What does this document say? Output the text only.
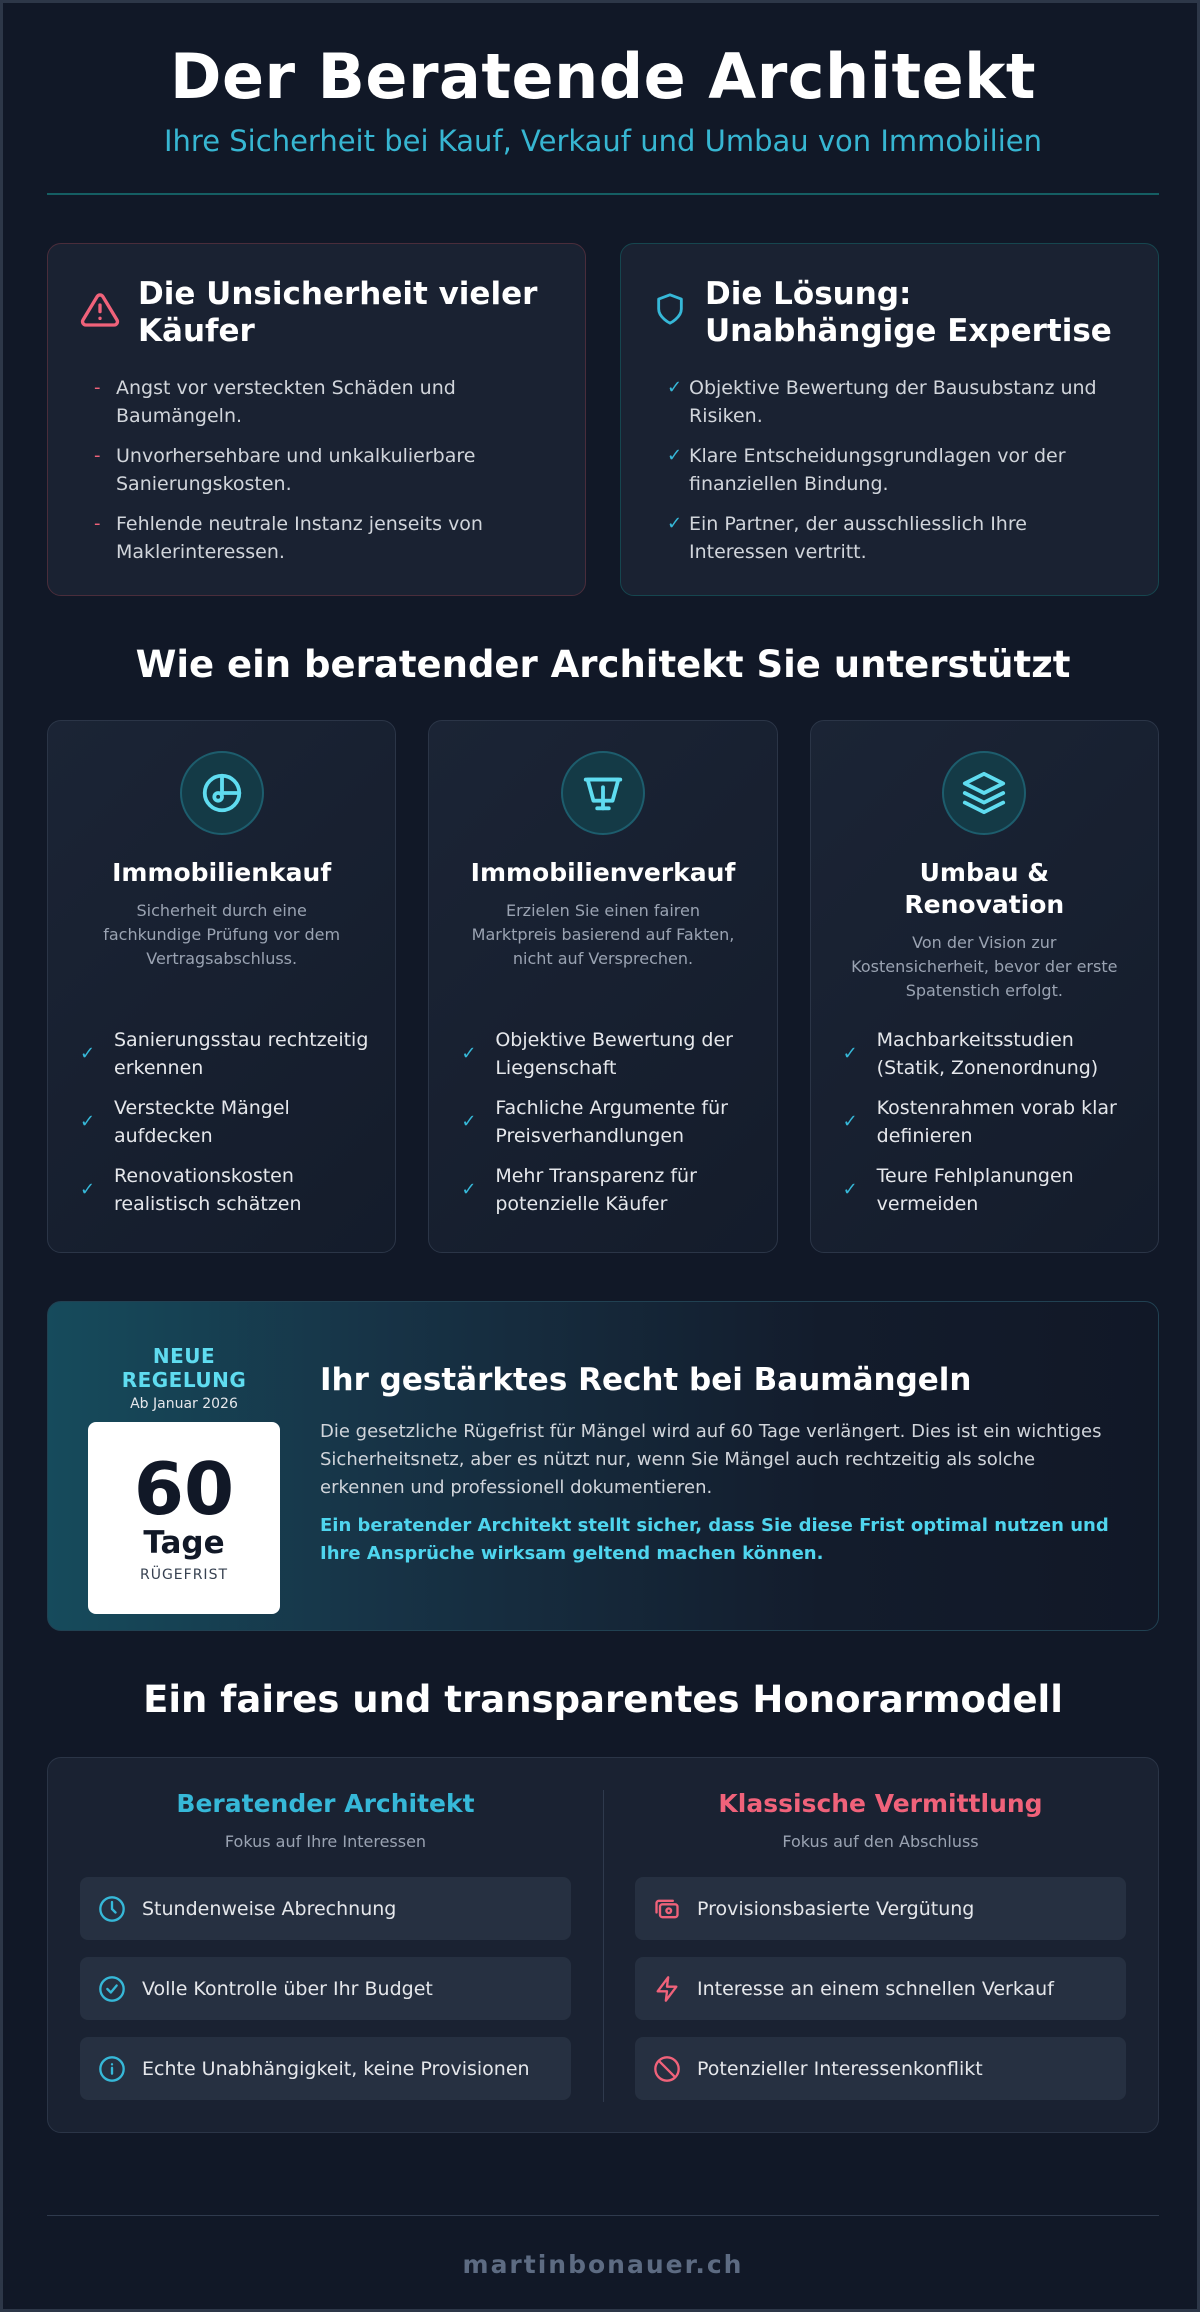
Der Beratende Architekt
Ihre Sicherheit bei Kauf, Verkauf und Umbau von Immobilien
Die Unsicherheit vieler Käufer
- Angst vor versteckten Schäden und Baumängeln.
- Unvorhersehbare und unkalkulierbare Sanierungskosten.
- Fehlende neutrale Instanz jenseits von Maklerinteressen.
Die Lösung: Unabhängige Expertise
✓ Objektive Bewertung der Bausubstanz und Risiken.
✓ Klare Entscheidungsgrundlagen vor der finanziellen Bindung.
✓ Ein Partner, der ausschliesslich Ihre Interessen vertritt.
Wie ein beratender Architekt Sie unterstützt
Immobilienkauf
Sicherheit durch eine fachkundige Prüfung vor dem Vertragsabschluss.
✓
Sanierungsstau rechtzeitig erkennen
✓
Versteckte Mängel aufdecken
✓
Renovationskosten realistisch schätzen
Immobilienverkauf
Erzielen Sie einen fairen Marktpreis basierend auf Fakten, nicht auf Versprechen.
✓
Objektive Bewertung der Liegenschaft
✓
Fachliche Argumente für Preisverhandlungen
✓
Mehr Transparenz für potenzielle Käufer
Umbau & Renovation
Von der Vision zur Kostensicherheit, bevor der erste Spatenstich erfolgt.
✓
Machbarkeitsstudien (Statik, Zonenordnung)
✓
Kostenrahmen vorab klar definieren
✓
Teure Fehlplanungen vermeiden
NEUE REGELUNG
Ab Januar 2026
60
Tage
RÜGEFRIST
Ihr gestärktes Recht bei Baumängeln
Die gesetzliche Rügefrist für Mängel wird auf 60 Tage verlängert. Dies ist ein wichtiges Sicherheitsnetz, aber es nützt nur, wenn Sie Mängel auch rechtzeitig als solche erkennen und professionell dokumentieren.
Ein beratender Architekt stellt sicher, dass Sie diese Frist optimal nutzen und Ihre Ansprüche wirksam geltend machen können.
Ein faires und transparentes Honorarmodell
Beratender Architekt
Fokus auf Ihre Interessen
Stundenweise Abrechnung
Volle Kontrolle über Ihr Budget
Echte Unabhängigkeit, keine Provisionen
Klassische Vermittlung
Fokus auf den Abschluss
Provisionsbasierte Vergütung
Interesse an einem schnellen Verkauf
Potenzieller Interessenkonflikt
martinbonauer.ch
